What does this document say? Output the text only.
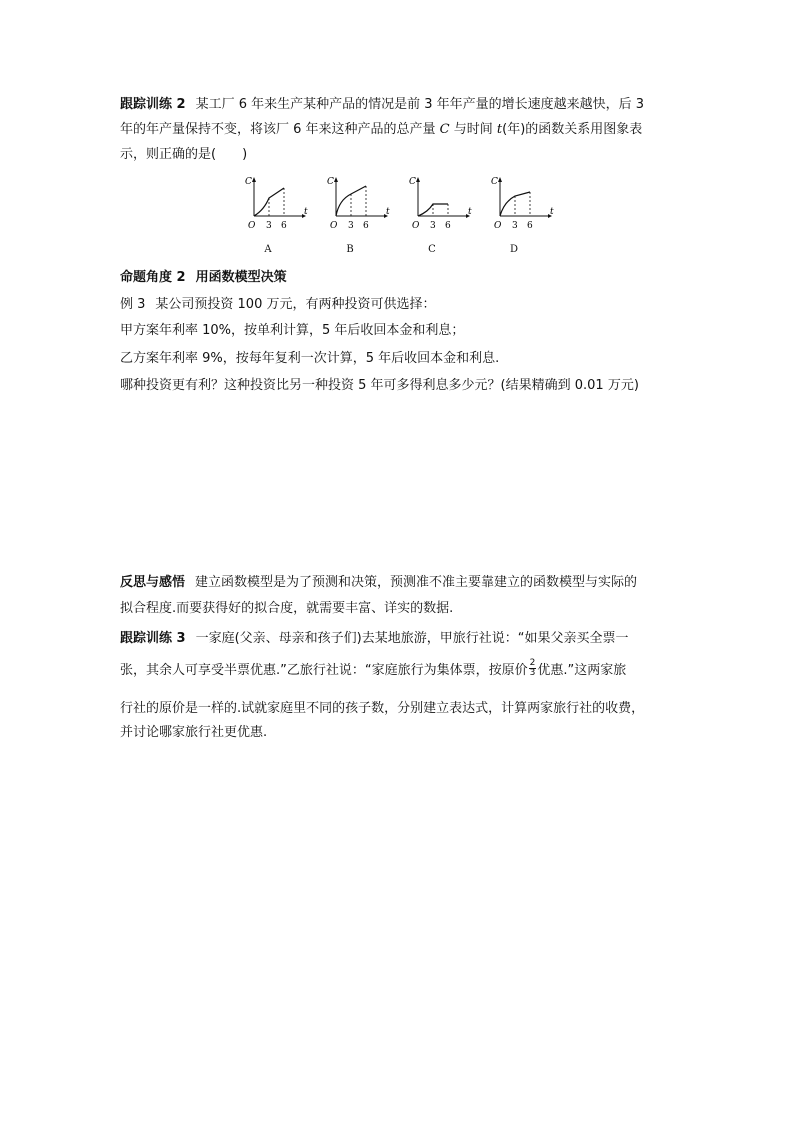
跟踪训练 2 某工厂 6 年来生产某种产品的情况是前 3 年年产量的增长速度越来越快，后 3
年的年产量保持不变，将该厂 6 年来这种产品的总产量 C 与时间 t(年)的函数关系用图象表
示，则正确的是(　　)
C
t
O 3 6
A
C
t
O 3 6
B
C
t
O 3 6
C
C
t
O 3 6
D
命题角度 2 用函数模型决策
例 3 某公司预投资 100 万元，有两种投资可供选择：
甲方案年利率 10%，按单利计算，5 年后收回本金和利息；
乙方案年利率 9%，按每年复利一次计算，5 年后收回本金和利息.
哪种投资更有利？这种投资比另一种投资 5 年可多得利息多少元？(结果精确到 0.01 万元)
反思与感悟 建立函数模型是为了预测和决策，预测准不准主要靠建立的函数模型与实际的
拟合程度.而要获得好的拟合度，就需要丰富、详实的数据.
跟踪训练 3 一家庭(父亲、母亲和孩子们)去某地旅游，甲旅行社说：“如果父亲买全票一
张，其余人可享受半票优惠.”乙旅行社说：“家庭旅行为集体票，按原价 $\frac{2}{3}$ 优惠.”这两家旅
行社的原价是一样的.试就家庭里不同的孩子数，分别建立表达式，计算两家旅行社的收费，
并讨论哪家旅行社更优惠.
